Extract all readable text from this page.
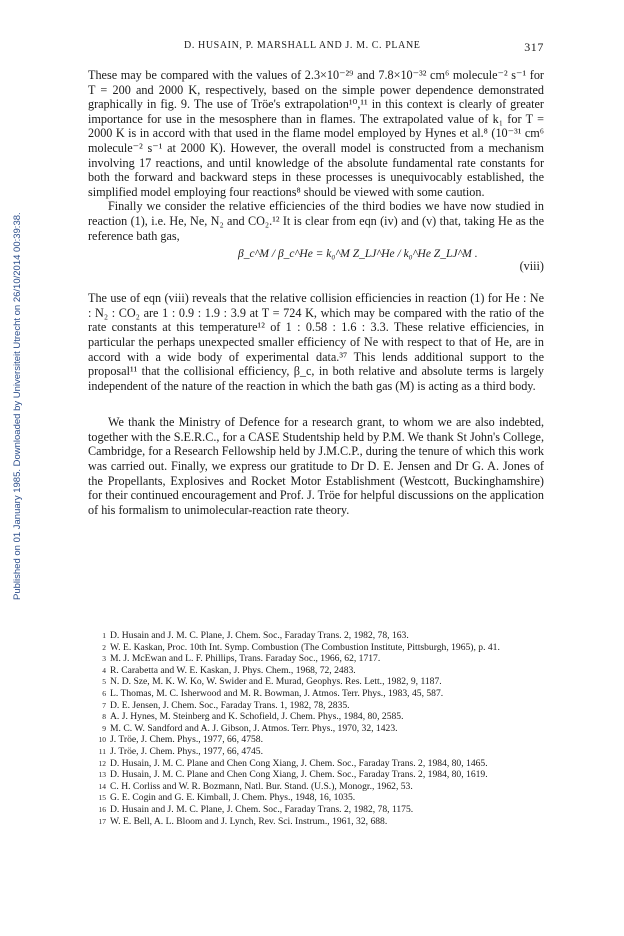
Published on 01 January 1985. Downloaded by Universiteit Utrecht on 26/10/2014 00:39:38.
D. HUSAIN, P. MARSHALL AND J. M. C. PLANE	317

These may be compared with the values of 2.3×10⁻²⁹ and 7.8×10⁻³² cm⁶ molecule⁻² s⁻¹ for T = 200 and 2000 K, respectively, based on the simple power dependence demonstrated graphically in fig. 9. The use of Tröe's extrapolation¹⁰,¹¹ in this context is clearly of greater importance for use in the mesosphere than in flames. The extrapolated value of k₁ for T = 2000 K is in accord with that used in the flame model employed by Hynes et al.⁸ (10⁻³¹ cm⁶ molecule⁻² s⁻¹ at 2000 K). However, the overall model is constructed from a mechanism involving 17 reactions, and until knowledge of the absolute fundamental rate constants for both the forward and backward steps in these processes is unequivocably established, the simplified model employing four reactions⁸ should be viewed with some caution.

Finally we consider the relative efficiencies of the third bodies we have now studied in reaction (1), i.e. He, Ne, N₂ and CO₂.¹² It is clear from eqn (iv) and (v) that, taking He as the reference bath gas,

β_c^M / β_c^He = k₀^M Z_LJ^He / k₀^He Z_LJ^M .
(viii)

The use of eqn (viii) reveals that the relative collision efficiencies in reaction (1) for He : Ne : N₂ : CO₂ are 1 : 0.9 : 1.9 : 3.9 at T = 724 K, which may be compared with the ratio of the rate constants at this temperature¹² of 1 : 0.58 : 1.6 : 3.3. These relative efficiencies, in particular the perhaps unexpected smaller efficiency of Ne with respect to that of He, are in accord with a wide body of experimental data.³⁷ This lends additional support to the proposal¹¹ that the collisional efficiency, β_c, in both relative and absolute terms is largely independent of the nature of the reaction in which the bath gas (M) is acting as a third body.

We thank the Ministry of Defence for a research grant, to whom we are also indebted, together with the S.E.R.C., for a CASE Studentship held by P.M. We thank St John's College, Cambridge, for a Research Fellowship held by J.M.C.P., during the tenure of which this work was carried out. Finally, we express our gratitude to Dr D. E. Jensen and Dr G. A. Jones of the Propellants, Explosives and Rocket Motor Establishment (Westcott, Buckinghamshire) for their continued encouragement and Prof. J. Tröe for helpful discussions on the application of his formalism to unimolecular-reaction rate theory.

1 D. Husain and J. M. C. Plane, J. Chem. Soc., Faraday Trans. 2, 1982, 78, 163.
2 W. E. Kaskan, Proc. 10th Int. Symp. Combustion (The Combustion Institute, Pittsburgh, 1965), p. 41.
3 M. J. McEwan and L. F. Phillips, Trans. Faraday Soc., 1966, 62, 1717.
4 R. Carabetta and W. E. Kaskan, J. Phys. Chem., 1968, 72, 2483.
5 N. D. Sze, M. K. W. Ko, W. Swider and E. Murad, Geophys. Res. Lett., 1982, 9, 1187.
6 L. Thomas, M. C. Isherwood and M. R. Bowman, J. Atmos. Terr. Phys., 1983, 45, 587.
7 D. E. Jensen, J. Chem. Soc., Faraday Trans. 1, 1982, 78, 2835.
8 A. J. Hynes, M. Steinberg and K. Schofield, J. Chem. Phys., 1984, 80, 2585.
9 M. C. W. Sandford and A. J. Gibson, J. Atmos. Terr. Phys., 1970, 32, 1423.
10 J. Tröe, J. Chem. Phys., 1977, 66, 4758.
11 J. Tröe, J. Chem. Phys., 1977, 66, 4745.
12 D. Husain, J. M. C. Plane and Chen Cong Xiang, J. Chem. Soc., Faraday Trans. 2, 1984, 80, 1465.
13 D. Husain, J. M. C. Plane and Chen Cong Xiang, J. Chem. Soc., Faraday Trans. 2, 1984, 80, 1619.
14 C. H. Corliss and W. R. Bozmann, Natl. Bur. Stand. (U.S.), Monogr., 1962, 53.
15 G. E. Cogin and G. E. Kimball, J. Chem. Phys., 1948, 16, 1035.
16 D. Husain and J. M. C. Plane, J. Chem. Soc., Faraday Trans. 2, 1982, 78, 1175.
17 W. E. Bell, A. L. Bloom and J. Lynch, Rev. Sci. Instrum., 1961, 32, 688.
